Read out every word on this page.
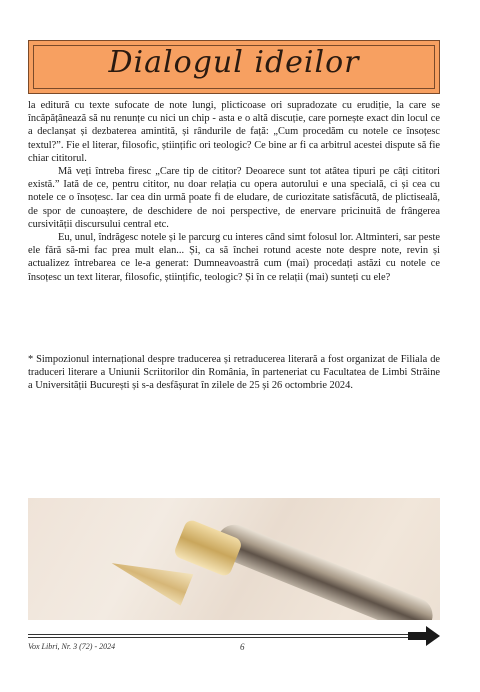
Dialogul ideilor

la editură cu texte sufocate de note lungi, plicticoase ori supradozate cu erudiție, la care se încăpățânează să nu renunțe cu nici un chip - asta e o altă discuție, care pornește exact din locul ce a declanșat și dezbaterea amintită, și rândurile de față: „Cum procedăm cu notele ce însoțesc textul?”. Fie el literar, filosofic, științific ori teologic? Ce bine ar fi ca arbitrul acestei dispute să fie chiar cititorul.

Mă veți întreba firesc „Care tip de cititor? Deoarece sunt tot atâtea tipuri pe câți cititori există.” Iată de ce, pentru cititor, nu doar relația cu opera autorului e una specială, ci și cea cu notele ce o însoțesc. Iar cea din urmă poate fi de eludare, de curiozitate satisfăcută, de plictiseală, de spor de cunoaștere, de deschidere de noi perspective, de enervare pricinuită de frângerea cursivității discursului central etc.

Eu, unul, îndrăgesc notele și le parcurg cu interes când simt folosul lor. Altminteri, sar peste ele fără să-mi fac prea mult elan... Și, ca să închei rotund aceste note despre note, revin și actualizez întrebarea ce le-a generat: Dumneavoastră cum (mai) procedați astăzi cu notele ce însoțesc un text literar, filosofic, științific, teologic? Și în ce relații (mai) sunteți cu ele?

* Simpozionul internațional despre traducerea și retraducerea literară a fost organizat de Filiala de traduceri literare a Uniunii Scriitorilor din România, în parteneriat cu Facultatea de Limbi Străine a Universității București și s-a desfășurat în zilele de 25 și 26 octombrie 2024.

Vox Libri, Nr. 3 (72) - 2024	6
